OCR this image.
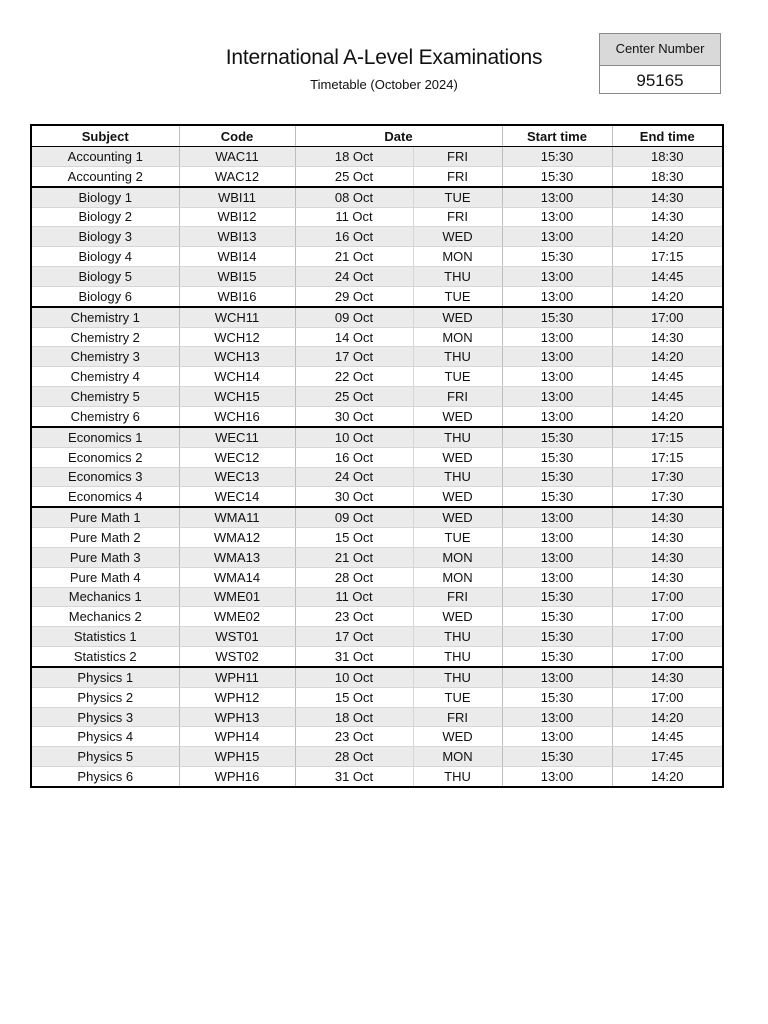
International A-Level Examinations
Timetable (October 2024)
Center Number
95165
Subject	Code	Date		Start time	End time
Accounting 1	WAC11	18 Oct	FRI	15:30	18:30
Accounting 2	WAC12	25 Oct	FRI	15:30	18:30
Biology 1	WBI11	08 Oct	TUE	13:00	14:30
Biology 2	WBI12	11 Oct	FRI	13:00	14:30
Biology 3	WBI13	16 Oct	WED	13:00	14:20
Biology 4	WBI14	21 Oct	MON	15:30	17:15
Biology 5	WBI15	24 Oct	THU	13:00	14:45
Biology 6	WBI16	29 Oct	TUE	13:00	14:20
Chemistry 1	WCH11	09 Oct	WED	15:30	17:00
Chemistry 2	WCH12	14 Oct	MON	13:00	14:30
Chemistry 3	WCH13	17 Oct	THU	13:00	14:20
Chemistry 4	WCH14	22 Oct	TUE	13:00	14:45
Chemistry 5	WCH15	25 Oct	FRI	13:00	14:45
Chemistry 6	WCH16	30 Oct	WED	13:00	14:20
Economics 1	WEC11	10 Oct	THU	15:30	17:15
Economics 2	WEC12	16 Oct	WED	15:30	17:15
Economics 3	WEC13	24 Oct	THU	15:30	17:30
Economics 4	WEC14	30 Oct	WED	15:30	17:30
Pure Math 1	WMA11	09 Oct	WED	13:00	14:30
Pure Math 2	WMA12	15 Oct	TUE	13:00	14:30
Pure Math 3	WMA13	21 Oct	MON	13:00	14:30
Pure Math 4	WMA14	28 Oct	MON	13:00	14:30
Mechanics 1	WME01	11 Oct	FRI	15:30	17:00
Mechanics 2	WME02	23 Oct	WED	15:30	17:00
Statistics 1	WST01	17 Oct	THU	15:30	17:00
Statistics 2	WST02	31 Oct	THU	15:30	17:00
Physics 1	WPH11	10 Oct	THU	13:00	14:30
Physics 2	WPH12	15 Oct	TUE	15:30	17:00
Physics 3	WPH13	18 Oct	FRI	13:00	14:20
Physics 4	WPH14	23 Oct	WED	13:00	14:45
Physics 5	WPH15	28 Oct	MON	15:30	17:45
Physics 6	WPH16	31 Oct	THU	13:00	14:20
